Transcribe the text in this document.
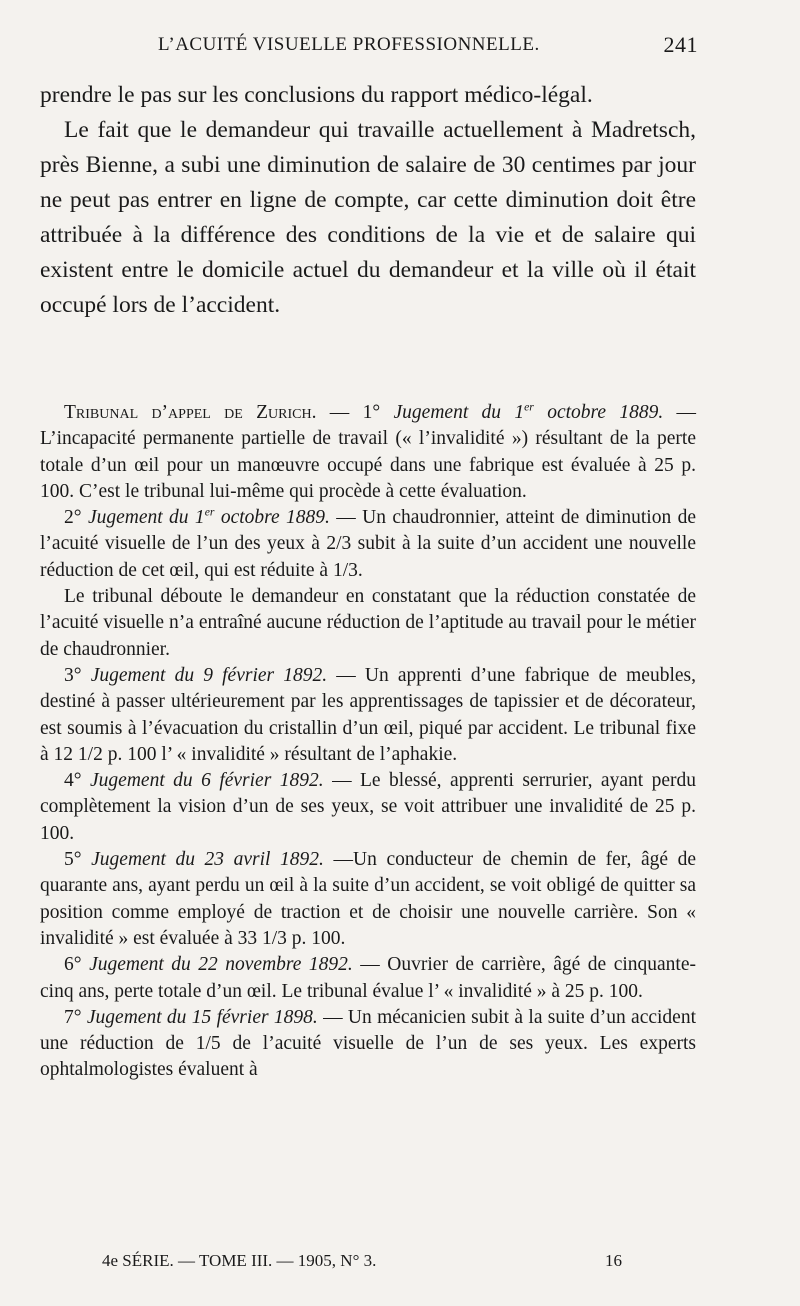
L’ACUITÉ VISUELLE PROFESSIONNELLE.	241

prendre le pas sur les conclusions du rapport médico-légal.

Le fait que le demandeur qui travaille actuellement à Madretsch, près Bienne, a subi une diminution de salaire de 30 centimes par jour ne peut pas entrer en ligne de compte, car cette diminution doit être attribuée à la différence des conditions de la vie et de salaire qui existent entre le domicile actuel du demandeur et la ville où il était occupé lors de l’accident.

Tribunal d’appel de Zurich. — 1° Jugement du 1er octobre 1889. — L’incapacité permanente partielle de travail (« l’invalidité ») résultant de la perte totale d’un œil pour un manœuvre occupé dans une fabrique est évaluée à 25 p. 100. C’est le tribunal lui-même qui procède à cette évaluation.

2° Jugement du 1er octobre 1889. — Un chaudronnier, atteint de diminution de l’acuité visuelle de l’un des yeux à 2/3 subit à la suite d’un accident une nouvelle réduction de cet œil, qui est réduite à 1/3.

Le tribunal déboute le demandeur en constatant que la réduction constatée de l’acuité visuelle n’a entraîné aucune réduction de l’aptitude au travail pour le métier de chaudronnier.

3° Jugement du 9 février 1892. — Un apprenti d’une fabrique de meubles, destiné à passer ultérieurement par les apprentissages de tapissier et de décorateur, est soumis à l’évacuation du cristallin d’un œil, piqué par accident. Le tribunal fixe à 12 1/2 p. 100 l’ « invalidité » résultant de l’aphakie.

4° Jugement du 6 février 1892. — Le blessé, apprenti serrurier, ayant perdu complètement la vision d’un de ses yeux, se voit attribuer une invalidité de 25 p. 100.

5° Jugement du 23 avril 1892. —Un conducteur de chemin de fer, âgé de quarante ans, ayant perdu un œil à la suite d’un accident, se voit obligé de quitter sa position comme employé de traction et de choisir une nouvelle carrière. Son « invalidité » est évaluée à 33 1/3 p. 100.

6° Jugement du 22 novembre 1892. — Ouvrier de carrière, âgé de cinquante-cinq ans, perte totale d’un œil. Le tribunal évalue l’ « invalidité » à 25 p. 100.

7° Jugement du 15 février 1898. — Un mécanicien subit à la suite d’un accident une réduction de 1/5 de l’acuité visuelle de l’un de ses yeux. Les experts ophtalmologistes évaluent à

4e SÉRIE. — TOME III. — 1905, N° 3.	16
